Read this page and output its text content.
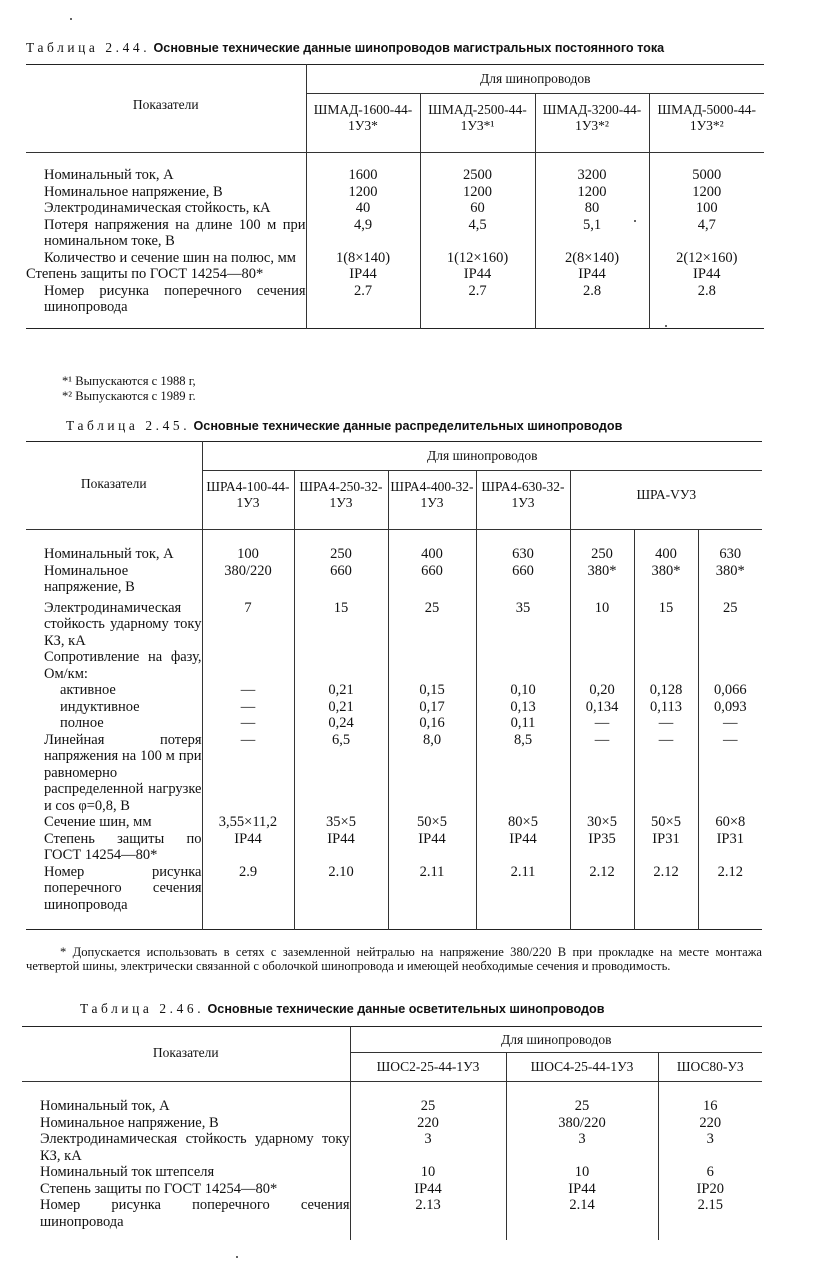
Таблица 2.44. Основные технические данные шинопроводов магистральных постоянного тока
Показатели	Для шинопроводов			
	ШМАД-1600-44-1У3*	ШМАД-2500-44-1У3*¹	ШМАД-3200-44-1У3*²	ШМАД-5000-44-1У3*²

Номинальный ток, А	1600	2500	3200	5000
Номинальное напряжение, В	1200	1200	1200	1200
Электродинамическая стойкость, кА	40	60	80	100
Потеря напряжения на длине 100 м при номинальном токе, В	4,9	4,5	5,1	4,7
Количество и сечение шин на полюс, мм	1(8×140)	1(12×160)	2(8×140)	2(12×160)
Степень защиты по ГОСТ 14254—80*	IP44	IP44	IP44	IP44
Номер рисунка поперечного сечения шинопровода	2.7	2.7	2.8	2.8

*¹ Выпускаются с 1988 г,
*² Выпускаются с 1989 г.
Таблица 2.45. Основные технические данные распределительных шинопроводов
Показатели	Для шинопроводов						
	ШРА4-100-44-1У3	ШРА4-250-32-1У3	ШРА4-400-32-1У3	ШРА4-630-32-1У3	ШРА-VУ3		

Номинальный ток, А	100	250	400	630	250	400	630
Номинальное напряжение, В	380/220	660	660	660	380*	380*	380*
Электродинамическая стойкость ударному току КЗ, кА	7	15	25	35	10	15	25
Сопротивление на фазу, Ом/км:							
активное	—	0,21	0,15	0,10	0,20	0,128	0,066
индуктивное	—	0,21	0,17	0,13	0,134	0,113	0,093
полное	—	0,24	0,16	0,11	—	—	—
Линейная потеря напряжения на 100 м при равномерно распределенной нагрузке и cos φ=0,8, В	—	6,5	8,0	8,5	—	—	—
Сечение шин, мм	3,55×11,2	35×5	50×5	80×5	30×5	50×5	60×8
Степень защиты по ГОСТ 14254—80*	IP44	IP44	IP44	IP44	IP35	IP31	IP31
Номер рисунка поперечного сечения шинопровода	2.9	2.10	2.11	2.11	2.12	2.12	2.12

* Допускается использовать в сетях с заземленной нейтралью на напряжение 380/220 В при прокладке на месте монтажа четвертой шины, электрически связанной с оболочкой шинопровода и имеющей необходимые сечения и проводимость.
Таблица 2.46. Основные технические данные осветительных шинопроводов
Показатели	Для шинопроводов		
	ШОС2-25-44-1У3	ШОС4-25-44-1У3	ШОС80-У3

Номинальный ток, А	25	25	16
Номинальное напряжение, В	220	380/220	220
Электродинамическая стойкость ударному току КЗ, кА	3	3	3
Номинальный ток штепселя	10	10	6
Степень защиты по ГОСТ 14254—80*	IP44	IP44	IP20
Номер рисунка поперечного сечения шинопровода	2.13	2.14	2.15
